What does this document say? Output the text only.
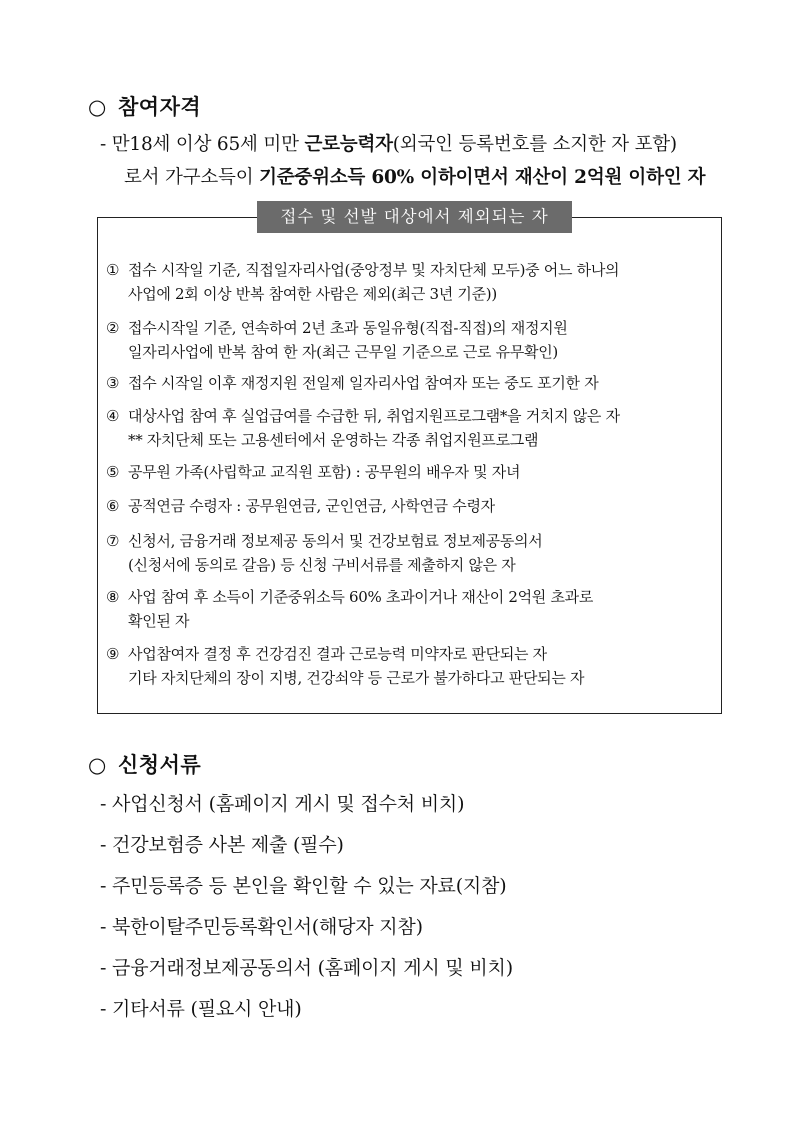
○ 참여자격
- 만18세 이상 65세 미만 근로능력자(외국인 등록번호를 소지한 자 포함)
로서 가구소득이 기준중위소득 60% 이하이면서 재산이 2억원 이하인 자
접수 및 선발 대상에서 제외되는 자
① 접수 시작일 기준, 직접일자리사업(중앙정부 및 자치단체 모두)중 어느 하나의
사업에 2회 이상 반복 참여한 사람은 제외(최근 3년 기준))
② 접수시작일 기준, 연속하여 2년 초과 동일유형(직접-직접)의 재정지원
일자리사업에 반복 참여 한 자(최근 근무일 기준으로 근로 유무확인)
③ 접수 시작일 이후 재정지원 전일제 일자리사업 참여자 또는 중도 포기한 자
④ 대상사업 참여 후 실업급여를 수급한 뒤, 취업지원프로그램*을 거치지 않은 자
** 자치단체 또는 고용센터에서 운영하는 각종 취업지원프로그램
⑤ 공무원 가족(사립학교 교직원 포함) : 공무원의 배우자 및 자녀
⑥ 공적연금 수령자 : 공무원연금, 군인연금, 사학연금 수령자
⑦ 신청서, 금융거래 정보제공 동의서 및 건강보험료 정보제공동의서
(신청서에 동의로 갈음) 등 신청 구비서류를 제출하지 않은 자
⑧ 사업 참여 후 소득이 기준중위소득 60% 초과이거나 재산이 2억원 초과로
확인된 자
⑨ 사업참여자 결정 후 건강검진 결과 근로능력 미약자로 판단되는 자
기타 자치단체의 장이 지병, 건강쇠약 등 근로가 불가하다고 판단되는 자
○ 신청서류
- 사업신청서 (홈페이지 게시 및 접수처 비치)
- 건강보험증 사본 제출 (필수)
- 주민등록증 등 본인을 확인할 수 있는 자료(지참)
- 북한이탈주민등록확인서(해당자 지참)
- 금융거래정보제공동의서 (홈페이지 게시 및 비치)
- 기타서류 (필요시 안내)
